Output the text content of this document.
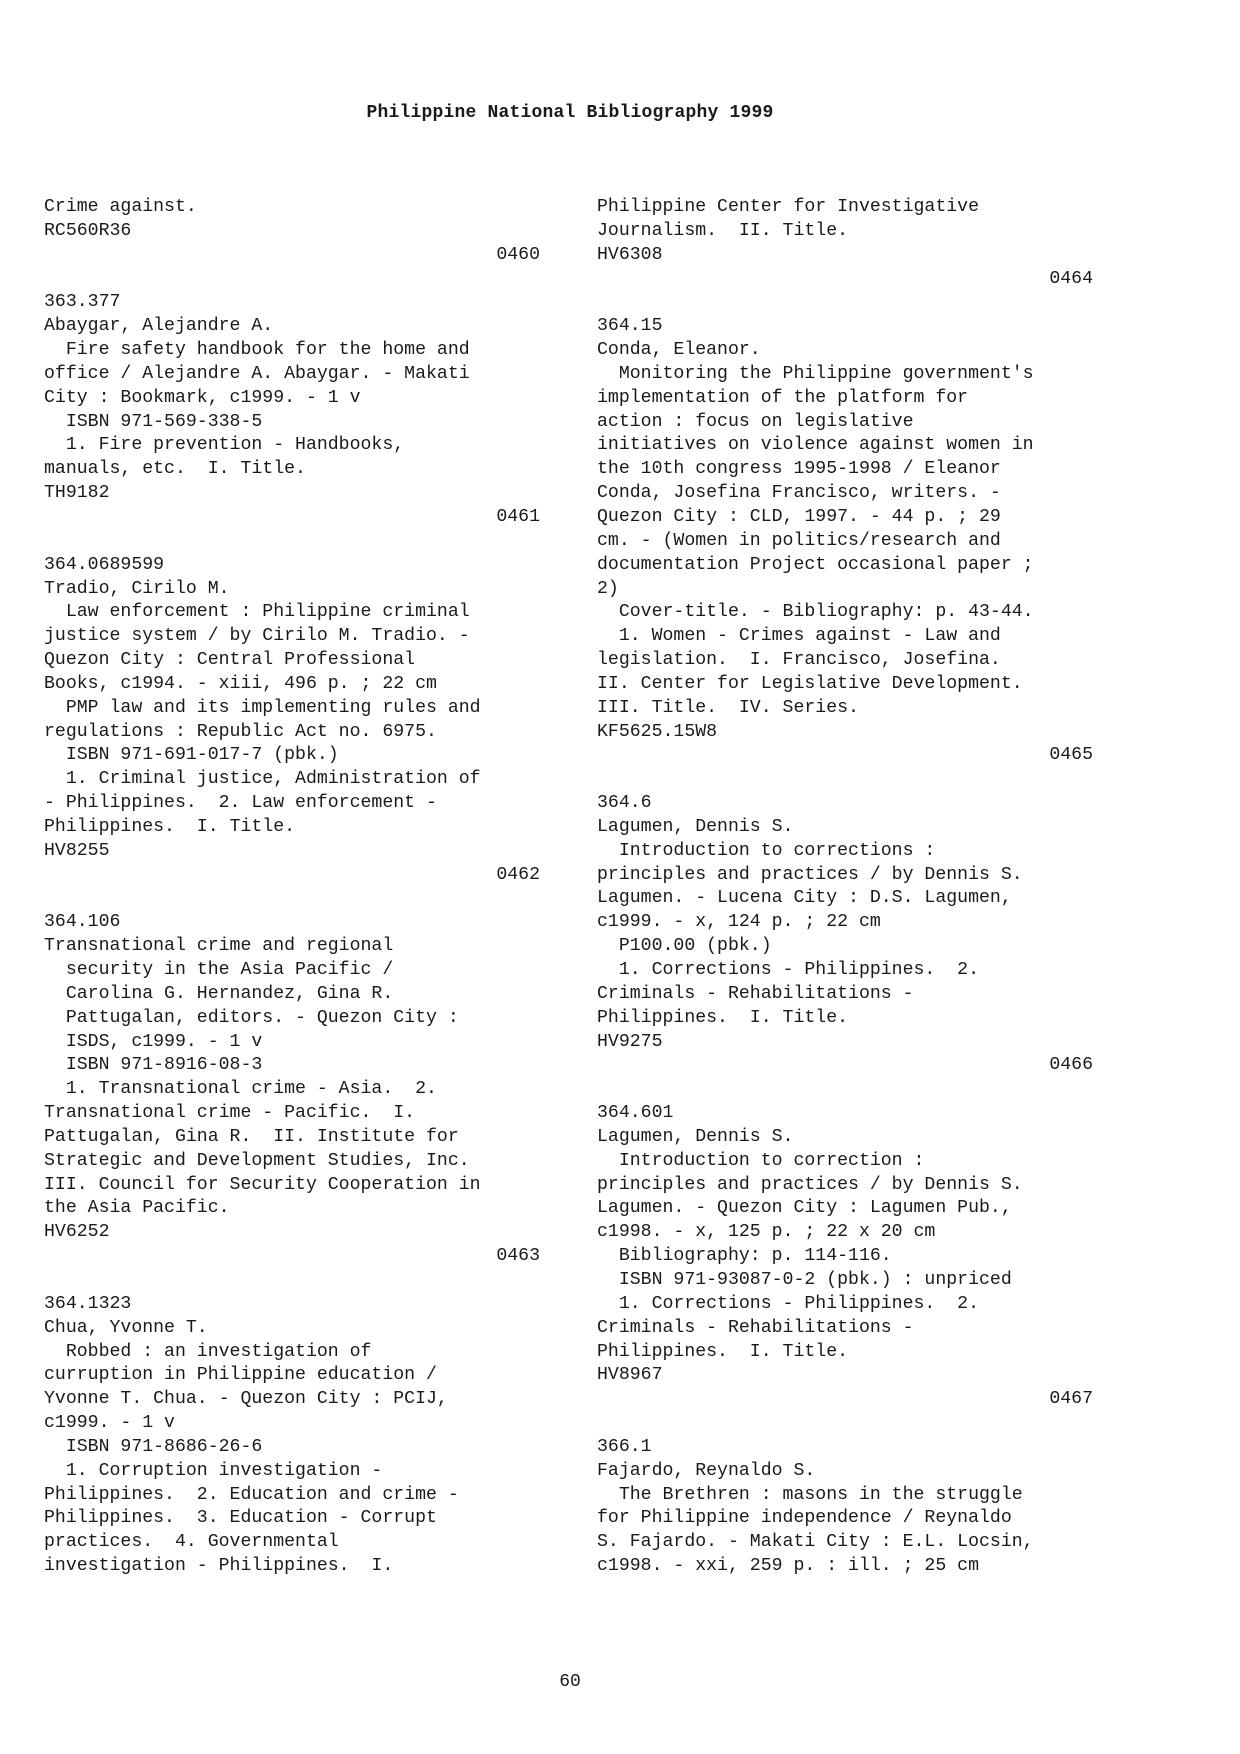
Philippine National Bibliography 1999
Crime against.
RC560R36
0460
363.377
Abaygar, Alejandre A.
Fire safety handbook for the home and
office / Alejandre A. Abaygar. - Makati
City : Bookmark, c1999. - 1 v
ISBN 971-569-338-5
1. Fire prevention - Handbooks,
manuals, etc.  I. Title.
TH9182
0461
364.0689599
Tradio, Cirilo M.
Law enforcement : Philippine criminal
justice system / by Cirilo M. Tradio. -
Quezon City : Central Professional
Books, c1994. - xiii, 496 p. ; 22 cm
PMP law and its implementing rules and
regulations : Republic Act no. 6975.
ISBN 971-691-017-7 (pbk.)
1. Criminal justice, Administration of
- Philippines.  2. Law enforcement -
Philippines.  I. Title.
HV8255
0462
364.106
Transnational crime and regional
security in the Asia Pacific /
Carolina G. Hernandez, Gina R.
Pattugalan, editors. - Quezon City :
ISDS, c1999. - 1 v
ISBN 971-8916-08-3
1. Transnational crime - Asia.  2.
Transnational crime - Pacific.  I.
Pattugalan, Gina R.  II. Institute for
Strategic and Development Studies, Inc.
III. Council for Security Cooperation in
the Asia Pacific.
HV6252
0463
364.1323
Chua, Yvonne T.
Robbed : an investigation of
curruption in Philippine education /
Yvonne T. Chua. - Quezon City : PCIJ,
c1999. - 1 v
ISBN 971-8686-26-6
1. Corruption investigation -
Philippines.  2. Education and crime -
Philippines.  3. Education - Corrupt
practices.  4. Governmental
investigation - Philippines.  I.
Philippine Center for Investigative
Journalism.  II. Title.
HV6308
0464
364.15
Conda, Eleanor.
Monitoring the Philippine government's
implementation of the platform for
action : focus on legislative
initiatives on violence against women in
the 10th congress 1995-1998 / Eleanor
Conda, Josefina Francisco, writers. -
Quezon City : CLD, 1997. - 44 p. ; 29
cm. - (Women in politics/research and
documentation Project occasional paper ;
2)
Cover-title. - Bibliography: p. 43-44.
1. Women - Crimes against - Law and
legislation.  I. Francisco, Josefina.
II. Center for Legislative Development.
III. Title.  IV. Series.
KF5625.15W8
0465
364.6
Lagumen, Dennis S.
Introduction to corrections :
principles and practices / by Dennis S.
Lagumen. - Lucena City : D.S. Lagumen,
c1999. - x, 124 p. ; 22 cm
P100.00 (pbk.)
1. Corrections - Philippines.  2.
Criminals - Rehabilitations -
Philippines.  I. Title.
HV9275
0466
364.601
Lagumen, Dennis S.
Introduction to correction :
principles and practices / by Dennis S.
Lagumen. - Quezon City : Lagumen Pub.,
c1998. - x, 125 p. ; 22 x 20 cm
Bibliography: p. 114-116.
ISBN 971-93087-0-2 (pbk.) : unpriced
1. Corrections - Philippines.  2.
Criminals - Rehabilitations -
Philippines.  I. Title.
HV8967
0467
366.1
Fajardo, Reynaldo S.
The Brethren : masons in the struggle
for Philippine independence / Reynaldo
S. Fajardo. - Makati City : E.L. Locsin,
c1998. - xxi, 259 p. : ill. ; 25 cm
60
